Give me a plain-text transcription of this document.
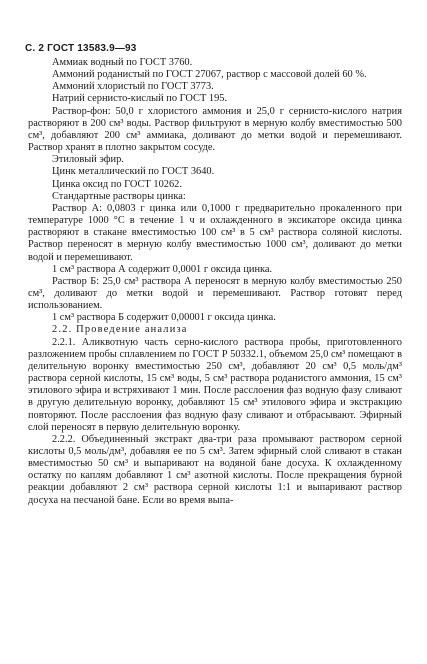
С. 2 ГОСТ 13583.9—93

Аммиак водный по ГОСТ 3760.

Аммоний роданистый по ГОСТ 27067, раствор с массовой долей 60 %.

Аммоний хлористый по ГОСТ 3773.

Натрий сернисто-кислый по ГОСТ 195.

Раствор-фон: 50,0 г хлористого аммония и 25,0 г сернисто-кислого натрия растворяют в 200 см³ воды. Раствор фильтруют в мерную колбу вместимостью 500 см³, добавляют 200 см³ аммиака, доливают до метки водой и перемешивают. Раствор хранят в плотно закрытом сосуде.

Этиловый эфир.

Цинк металлический по ГОСТ 3640.

Цинка оксид по ГОСТ 10262.

Стандартные растворы цинка:

Раствор А: 0,0803 г цинка или 0,1000 г предварительно прокаленного при температуре 1000 °С в течение 1 ч и охлажденного в эксикаторе оксида цинка растворяют в стакане вместимостью 100 см³ в 5 см³ раствора соляной кислоты. Раствор переносят в мерную колбу вместимостью 1000 см³, доливают до метки водой и перемешивают.

1 см³ раствора А содержит 0,0001 г оксида цинка.

Раствор Б: 25,0 см³ раствора А переносят в мерную колбу вместимостью 250 см³, доливают до метки водой и перемешивают. Раствор готовят перед использованием.

1 см³ раствора Б содержит 0,00001 г оксида цинка.

2.2. Проведение анализа

2.2.1. Аликвотную часть серно-кислого раствора пробы, приготовленного разложением пробы сплавлением по ГОСТ Р 50332.1, объемом 25,0 см³ помещают в делительную воронку вместимостью 250 см³, добавляют 20 см³ 0,5 моль/дм³ раствора серной кислоты, 15 см³ воды, 5 см³ раствора роданистого аммония, 15 см³ этилового эфира и встряхивают 1 мин. После расслоения фаз водную фазу сливают в другую делительную воронку, добавляют 15 см³ этилового эфира и экстракцию повторяют. После расслоения фаз водную фазу сливают и отбрасывают. Эфирный слой переносят в первую делительную воронку.

2.2.2. Объединенный экстракт два-три раза промывают раствором серной кислоты 0,5 моль/дм³, добавляя ее по 5 см³. Затем эфирный слой сливают в стакан вместимостью 50 см³ и выпаривают на водяной бане досуха. К охлажденному остатку по каплям добавляют 1 см³ азотной кислоты. После прекращения бурной реакции добавляют 2 см³ раствора серной кислоты 1:1 и выпаривают раствор досуха на песчаной бане. Если во время выпа-
